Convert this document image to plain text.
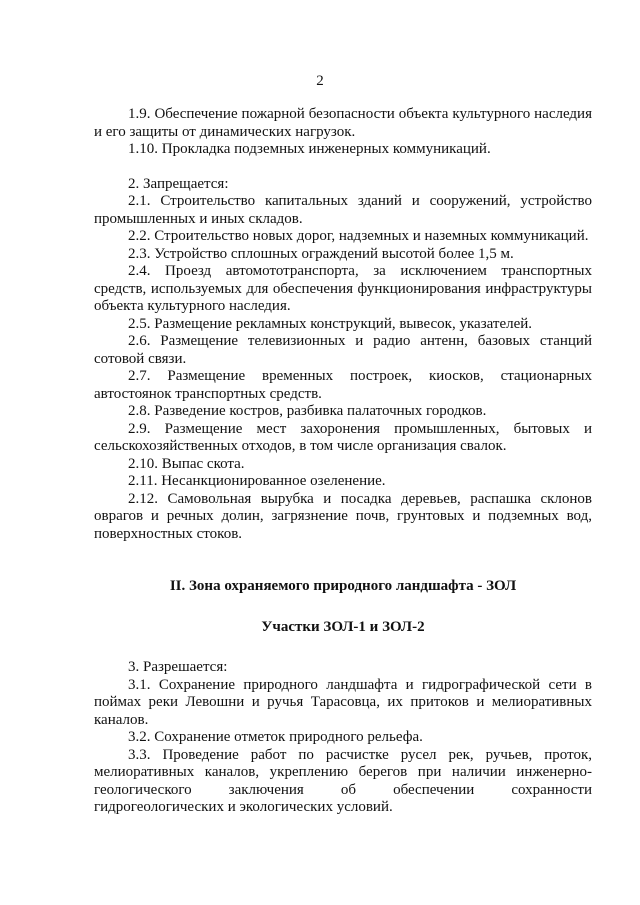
2

1.9. Обеспечение пожарной безопасности объекта культурного наследия и его защиты от динамических нагрузок.

1.10. Прокладка подземных инженерных коммуникаций.

2. Запрещается:

2.1. Строительство капитальных зданий и сооружений, устройство промышленных и иных складов.

2.2. Строительство новых дорог, надземных и наземных коммуникаций.

2.3. Устройство сплошных ограждений высотой более 1,5 м.

2.4. Проезд автомототранспорта, за исключением транспортных средств, используемых для обеспечения функционирования инфраструктуры объекта культурного наследия.

2.5. Размещение рекламных конструкций, вывесок, указателей.

2.6. Размещение телевизионных и радио антенн, базовых станций сотовой связи.

2.7. Размещение временных построек, киосков, стационарных автостоянок транспортных средств.

2.8. Разведение костров, разбивка палаточных городков.

2.9. Размещение мест захоронения промышленных, бытовых и сельскохозяйственных отходов, в том числе организация свалок.

2.10. Выпас скота.

2.11. Несанкционированное озеленение.

2.12. Самовольная вырубка и посадка деревьев, распашка склонов оврагов и речных долин, загрязнение почв, грунтовых и подземных вод, поверхностных стоков.

II. Зона охраняемого природного ландшафта - ЗОЛ

Участки ЗОЛ-1 и ЗОЛ-2

3. Разрешается:

3.1. Сохранение природного ландшафта и гидрографической сети в поймах реки Левошни и ручья Тарасовца, их притоков и мелиоративных каналов.

3.2. Сохранение отметок природного рельефа.

3.3. Проведение работ по расчистке русел рек, ручьев, проток, мелиоративных каналов, укреплению берегов при наличии инженерно-геологического заключения об обеспечении сохранности гидрогеологических и экологических условий.
